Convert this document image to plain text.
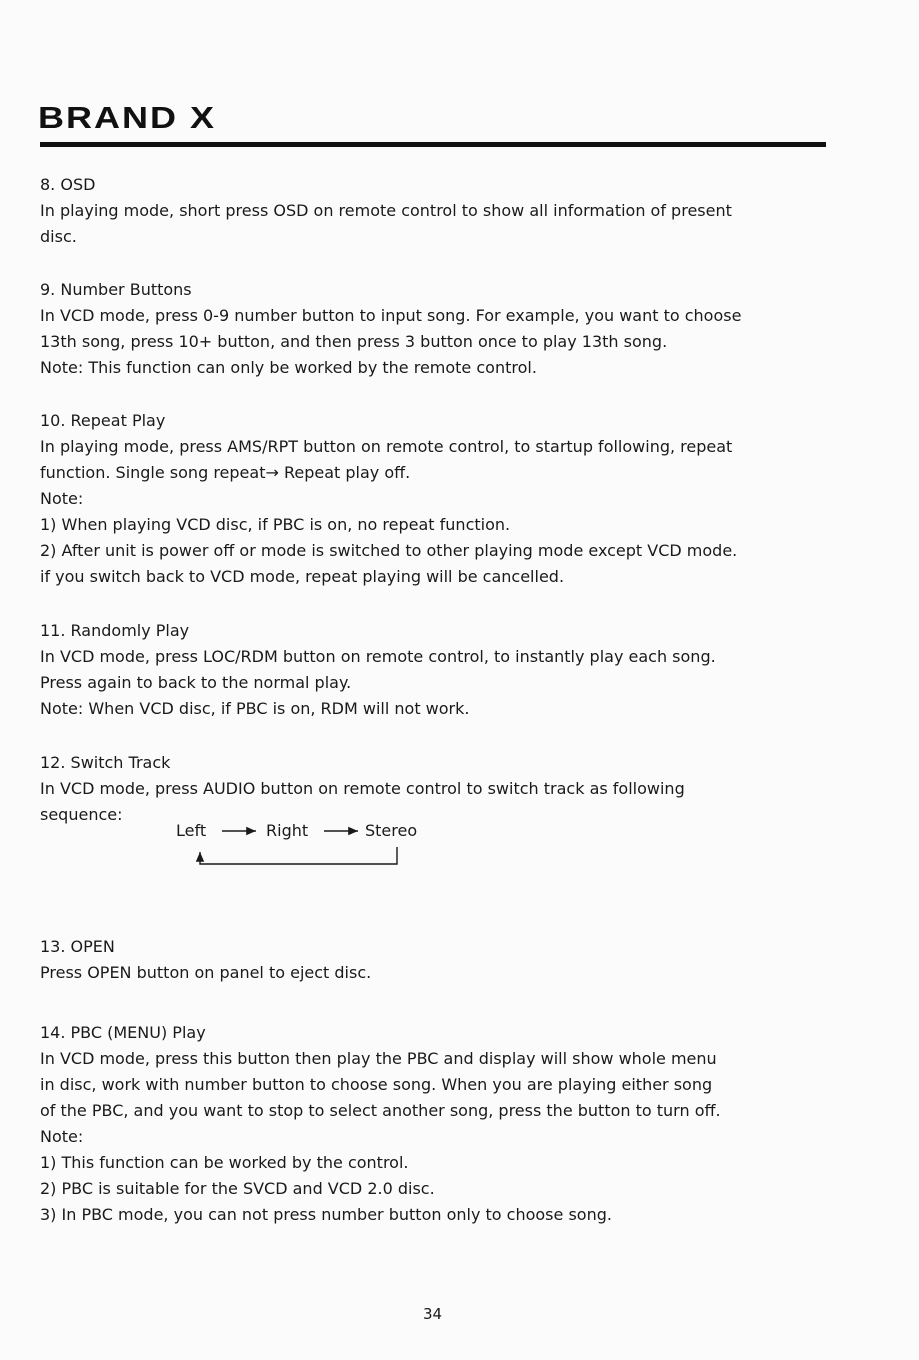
BRAND X
8. OSD
In playing mode, short press OSD on remote control to show all information of present
disc.
9. Number Buttons
In VCD mode, press 0-9 number button to input song. For example, you want to choose
13th song, press 10+ button, and then press 3 button once to play 13th song.
Note: This function can only be worked by the remote control.
10. Repeat Play
In playing mode, press AMS/RPT button on remote control, to startup following, repeat
function. Single song repeat→ Repeat play off.
Note:
1) When playing VCD disc, if PBC is on, no repeat function.
2) After unit is power off or mode is switched to other playing mode except VCD mode.
if you switch back to VCD mode, repeat playing will be cancelled.
11. Randomly Play
In VCD mode, press LOC/RDM button on remote control, to instantly play each song.
Press again to back to the normal play.
Note: When VCD disc, if PBC is on, RDM will not work.
12. Switch Track
In VCD mode, press AUDIO button on remote control to switch track as following
sequence:
Left	Right	Stereo
13. OPEN
Press OPEN button on panel to eject disc.
14. PBC (MENU) Play
In VCD mode, press this button then play the PBC and display will show whole menu
in disc, work with number button to choose song. When you are playing either song
of the PBC, and you want to stop to select another song, press the button to turn off.
Note:
1) This function can be worked by the control.
2) PBC is suitable for the SVCD and VCD 2.0 disc.
3) In PBC mode, you can not press number button only to choose song.
34
